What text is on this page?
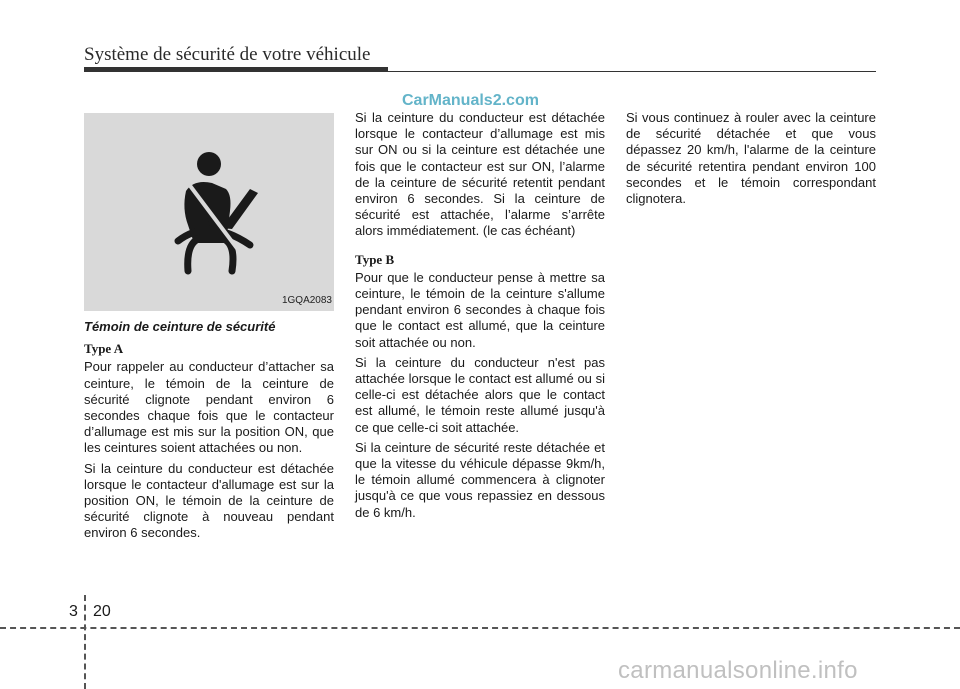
Système de sécurité de votre véhicule
CarManuals2.com
1GQA2083

Témoin de ceinture de sécurité

Type A

Pour rappeler au conducteur d’attacher sa ceinture, le témoin de la ceinture de sécurité clignote pendant environ 6 secondes chaque fois que le contacteur d’allumage est mis sur la position ON, que les ceintures soient attachées ou non.

Si la ceinture du conducteur est détachée lorsque le contacteur d'allumage est sur la position ON, le témoin de la ceinture de sécurité clignote à nouveau pendant environ 6 secondes.

Si la ceinture du conducteur est détachée lorsque le contacteur d’allumage est mis sur ON ou si la ceinture est détachée une fois que le contacteur est sur ON, l’alarme de la ceinture de sécurité retentit pendant environ 6 secondes. Si la ceinture de sécurité est attachée, l’alarme s’arrête alors immédiatement. (le cas échéant)

Type B

Pour que le conducteur pense à mettre sa ceinture, le témoin de la ceinture s'allume pendant environ 6 secondes à chaque fois que le contact est allumé, que la ceinture soit attachée ou non.

Si la ceinture du conducteur n'est pas attachée lorsque le contact est allumé ou si celle-ci est détachée alors que le contact est allumé, le témoin reste allumé jusqu'à ce que celle-ci soit attachée.

Si la ceinture de sécurité reste détachée et que la vitesse du véhicule dépasse 9km/h, le témoin allumé commencera à clignoter jusqu'à ce que vous repassiez en dessous de 6 km/h.

Si vous continuez à rouler avec la ceinture de sécurité détachée et que vous dépassez 20 km/h, l'alarme de la ceinture de sécurité retentira pendant environ 100 secondes et le témoin correspondant clignotera.

3 20
carmanualsonline.info
